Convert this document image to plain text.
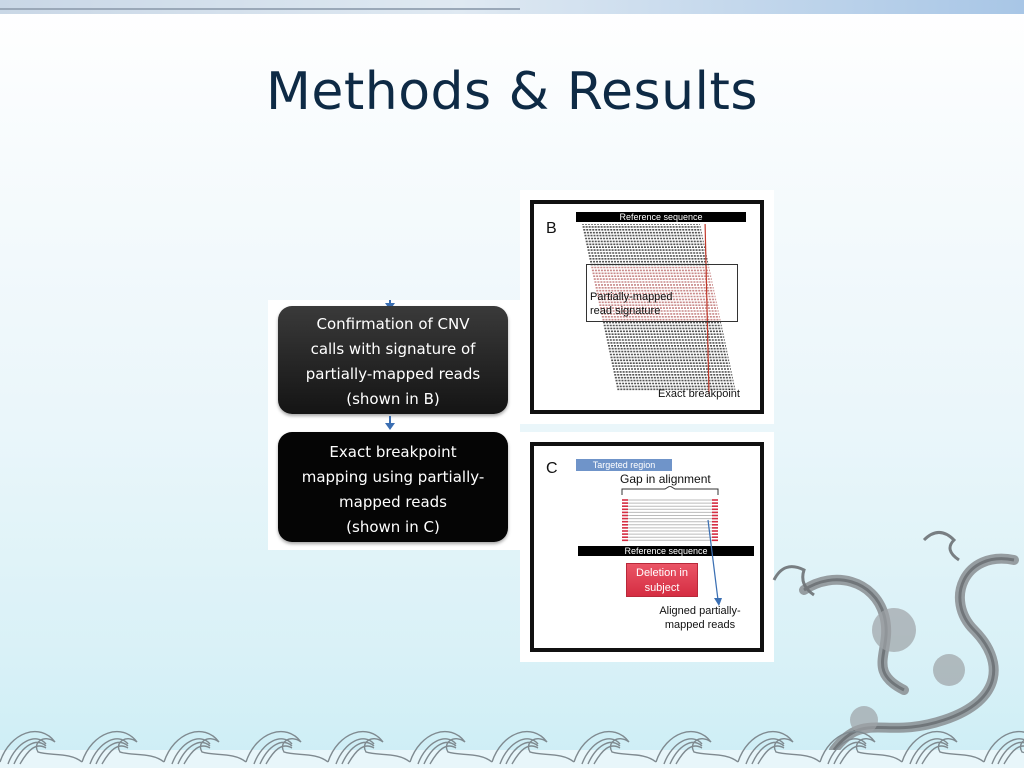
Methods & Results
Confirmation of CNV
calls with signature of
partially-mapped reads
(shown in B)
Exact breakpoint
mapping using partially-
mapped reads
(shown in C)
B
Reference sequence
Partially-mapped
read signature
Exact breakpoint
C	Targeted region
Gap in alignment
Reference sequence
Deletion in
subject
Aligned partially-
mapped reads
